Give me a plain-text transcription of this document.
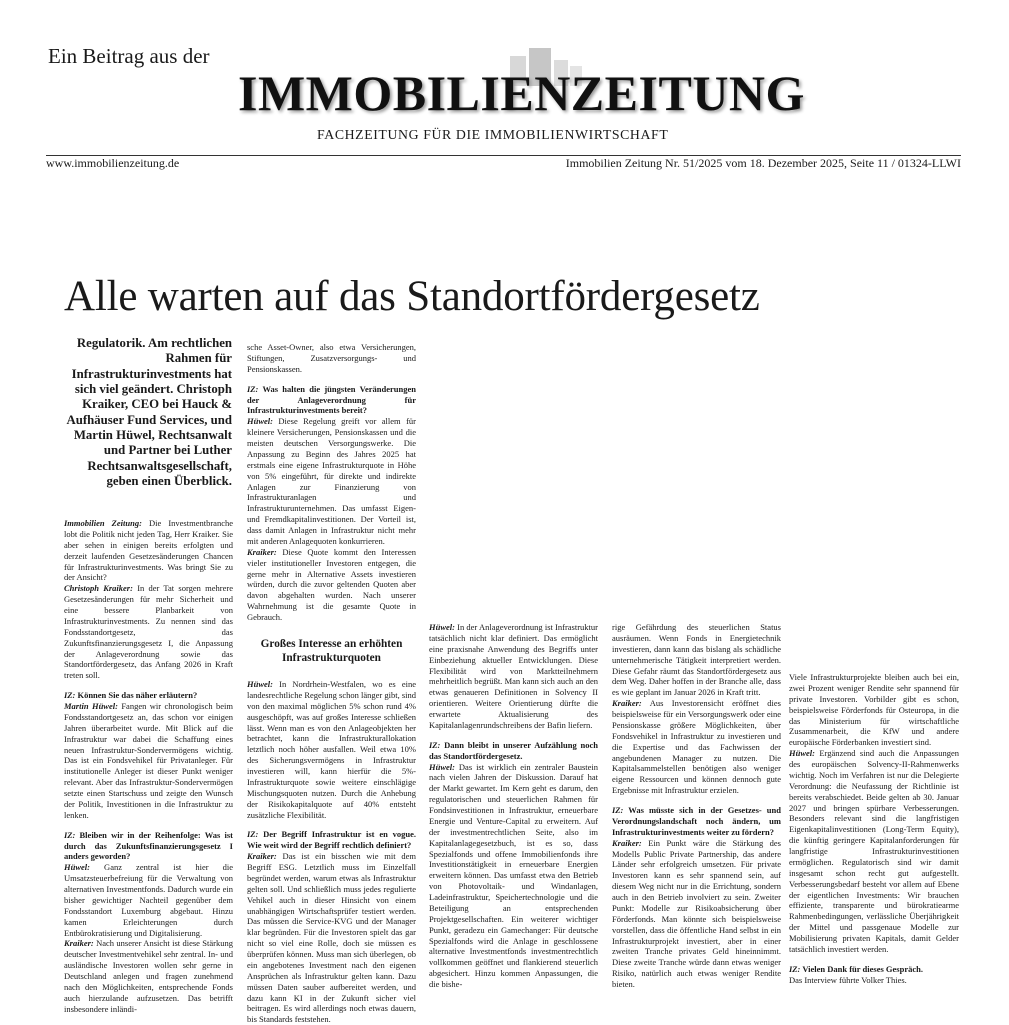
Ein Beitrag aus der
IMMOBILIENZEITUNG
FACHZEITUNG FÜR DIE IMMOBILIENWIRTSCHAFT
www.immobilienzeitung.de	Immobilien Zeitung Nr. 51/2025 vom 18. Dezember 2025, Seite 11 / 01324-LLWI
Alle warten auf das Standortfördergesetz
Regulatorik. Am rechtlichen Rahmen für Infrastrukturinvestments hat sich viel geändert. Christoph Kraiker, CEO bei Hauck & Aufhäuser Fund Services, und Martin Hüwel, Rechtsanwalt und Partner bei Luther Rechtsanwaltsgesellschaft, geben einen Überblick.

Immobilien Zeitung: Die Investmentbranche lobt die Politik nicht jeden Tag, Herr Kraiker. Sie aber sehen in einigen bereits erfolgten und derzeit laufenden Gesetzesänderungen Chancen für Infrastrukturinvestments. Was bringt Sie zu der Ansicht?

Christoph Kraiker: In der Tat sorgen mehrere Gesetzesänderungen für mehr Sicherheit und eine bessere Planbarkeit von Infrastrukturinvestments. Zu nennen sind das Fondsstandortgesetz, das Zukunftsfinanzierungsgesetz I, die Anpassung der Anlageverordnung sowie das Standortfördergesetz, das Anfang 2026 in Kraft treten soll.

IZ: Können Sie das näher erläutern?

Martin Hüwel: Fangen wir chronologisch beim Fondsstandortgesetz an, das schon vor einigen Jahren überarbeitet wurde. Mit Blick auf die Infrastruktur war dabei die Schaffung eines neuen Infrastruktur-Sondervermögens wichtig. Das ist ein Fondsvehikel für Privatanleger. Für institutionelle Anleger ist dieser Punkt weniger relevant. Aber das Infrastruktur-Sondervermögen setzte einen Startschuss und zeigte den Wunsch der Politik, Investitionen in die Infrastruktur zu lenken.

IZ: Bleiben wir in der Reihenfolge: Was ist durch das Zukunftsfinanzierungsgesetz I anders geworden?

Hüwel: Ganz zentral ist hier die Umsatzsteuerbefreiung für die Verwaltung von alternativen Investmentfonds. Dadurch wurde ein bisher gewichtiger Nachteil gegenüber dem Fondsstandort Luxemburg abgebaut. Hinzu kamen Erleichterungen durch Entbürokratisierung und Digitalisierung.

Kraiker: Nach unserer Ansicht ist diese Stärkung deutscher Investmentvehikel sehr zentral. In- und ausländische Investoren wollen sehr gerne in Deutschland anlegen und fragen zunehmend nach den Möglichkeiten, entsprechende Fonds auch hierzulande aufzusetzen. Das betrifft insbesondere inländi-

sche Asset-Owner, also etwa Versicherungen, Stiftungen, Zusatzversorgungs- und Pensionskassen.

IZ: Was halten die jüngsten Veränderungen der Anlageverordnung für Infrastrukturinvestments bereit?

Hüwel: Diese Regelung greift vor allem für kleinere Versicherungen, Pensionskassen und die meisten deutschen Versorgungswerke. Die Anpassung zu Beginn des Jahres 2025 hat erstmals eine eigene Infrastrukturquote in Höhe von 5% eingeführt, für direkte und indirekte Anlagen zur Finanzierung von Infrastrukturanlagen und Infrastrukturunternehmen. Das umfasst Eigen- und Fremdkapitalinvestitionen. Der Vorteil ist, dass damit Anlagen in Infrastruktur nicht mehr mit anderen Anlagequoten konkurrieren.

Kraiker: Diese Quote kommt den Interessen vieler institutioneller Investoren entgegen, die gerne mehr in Alternative Assets investieren würden, durch die zuvor geltenden Quoten aber davon abgehalten wurden. Nach unserer Wahrnehmung ist die gesamte Quote in Gebrauch.

Großes Interesse an erhöhten Infrastrukturquoten

Hüwel: In Nordrhein-Westfalen, wo es eine landesrechtliche Regelung schon länger gibt, sind von den maximal möglichen 5% schon rund 4% ausgeschöpft, was auf großes Interesse schließen lässt. Wenn man es von den Anlageobjekten her betrachtet, kann die Infrastrukturallokation letztlich noch höher ausfallen. Weil etwa 10% des Sicherungsvermögens in Infrastruktur investieren will, kann hierfür die 5%-Infrastrukturquote sowie weitere einschlägige Mischungsquoten nutzen. Durch die Anhebung der Risikokapitalquote auf 40% entsteht zusätzliche Flexibilität.

IZ: Der Begriff Infrastruktur ist en vogue. Wie weit wird der Begriff rechtlich definiert?

Kraiker: Das ist ein bisschen wie mit dem Begriff ESG. Letztlich muss im Einzelfall begründet werden, warum etwas als Infrastruktur gelten soll. Und schließlich muss jedes regulierte Vehikel auch in dieser Hinsicht von einem unabhängigen Wirtschaftsprüfer testiert werden. Das müssen die Service-KVG und der Manager klar begründen. Für die Investoren spielt das gar nicht so viel eine Rolle, doch sie müssen es überprüfen können. Muss man sich überlegen, ob ein angebotenes Investment nach den eigenen Ansprüchen als Infrastruktur gelten kann. Dazu müssen Daten sauber aufbereitet werden, und dazu kann KI in der Zukunft sicher viel beitragen. Es wird allerdings noch etwas dauern, bis Standards feststehen.

Hüwel: In der Anlageverordnung ist Infrastruktur tatsächlich nicht klar definiert. Das ermöglicht eine praxisnahe Anwendung des Begriffs unter Einbeziehung aktueller Entwicklungen. Diese Flexibilität wird von Marktteilnehmern mehrheitlich begrüßt. Man kann sich auch an den etwas genaueren Definitionen in Solvency II orientieren. Weitere Orientierung dürfte die erwartete Aktualisierung des Kapitalanlagenrundschreibens der Bafin liefern.

IZ: Dann bleibt in unserer Aufzählung noch das Standortfördergesetz.

Hüwel: Das ist wirklich ein zentraler Baustein nach vielen Jahren der Diskussion. Darauf hat der Markt gewartet. Im Kern geht es darum, den regulatorischen und steuerlichen Rahmen für Fondsinvestitionen in Infrastruktur, erneuerbare Energie und Venture-Capital zu erweitern. Auf der investmentrechtlichen Seite, also im Kapitalanlagegesetzbuch, ist es so, dass Spezialfonds und offene Immobilienfonds ihre Investitionstätigkeit in erneuerbare Energien erweitern können. Das umfasst etwa den Betrieb von Photovoltaik- und Windanlagen, Ladeinfrastruktur, Speichertechnologie und die Beteiligung an entsprechenden Projektgesellschaften. Ein weiterer wichtiger Punkt, geradezu ein Gamechanger: Für deutsche Spezialfonds wird die Anlage in geschlossene alternative Investmentfonds investmentrechtlich vollkommen geöffnet und flankierend steuerlich abgesichert. Hinzu kommen Anpassungen, die die bishe-

rige Gefährdung des steuerlichen Status ausräumen. Wenn Fonds in Energietechnik investieren, dann kann das bislang als schädliche unternehmerische Tätigkeit interpretiert werden. Diese Gefahr räumt das Standortfördergesetz aus dem Weg. Daher hoffen in der Branche alle, dass es wie geplant im Januar 2026 in Kraft tritt.

Kraiker: Aus Investorensicht eröffnet dies beispielsweise für ein Versorgungswerk oder eine Pensionskasse größere Möglichkeiten, über Fondsvehikel in Infrastruktur zu investieren und die Expertise und das Fachwissen der angebundenen Manager zu nutzen. Die Kapitalsammelstellen benötigen also weniger eigene Ressourcen und können dennoch gute Ergebnisse mit Infrastruktur erzielen.

IZ: Was müsste sich in der Gesetzes- und Verordnungslandschaft noch ändern, um Infrastrukturinvestments weiter zu fördern?

Kraiker: Ein Punkt wäre die Stärkung des Modells Public Private Partnership, das andere Länder sehr erfolgreich umsetzen. Für private Investoren kann es sehr spannend sein, auf diesem Weg nicht nur in die Errichtung, sondern auch in den Betrieb involviert zu sein. Zweiter Punkt: Modelle zur Risikoabsicherung über Förderfonds. Man könnte sich beispielsweise vorstellen, dass die öffentliche Hand selbst in ein Infrastrukturprojekt investiert, aber in einer zweiten Tranche privates Geld hineinnimmt. Diese zweite Tranche würde dann etwas weniger Risiko, natürlich auch etwas weniger Rendite bieten.

Viele Infrastrukturprojekte bleiben auch bei ein, zwei Prozent weniger Rendite sehr spannend für private Investoren. Vorbilder gibt es schon, beispielsweise Förderfonds für Osteuropa, in die das Ministerium für wirtschaftliche Zusammenarbeit, die KfW und andere europäische Förderbanken investiert sind.

Hüwel: Ergänzend sind auch die Anpassungen des europäischen Solvency-II-Rahmenwerks wichtig. Noch im Verfahren ist nur die Delegierte Verordnung: die Neufassung der Richtlinie ist bereits verabschiedet. Beide gelten ab 30. Januar 2027 und bringen spürbare Verbesserungen. Besonders relevant sind die langfristigen Eigenkapitalinvestitionen (Long-Term Equity), die künftig geringere Kapitalanforderungen für langfristige Infrastrukturinvestitionen ermöglichen. Regulatorisch sind wir damit insgesamt schon recht gut aufgestellt. Verbesserungsbedarf besteht vor allem auf Ebene der eigentlichen Investments: Wir brauchen effiziente, transparente und bürokratiearme Rahmenbedingungen, verlässliche Überjährigkeit der Mittel und passgenaue Modelle zur Mobilisierung privaten Kapitals, damit Gelder tatsächlich investiert werden.

IZ: Vielen Dank für dieses Gespräch.

Das Interview führte Volker Thies.
